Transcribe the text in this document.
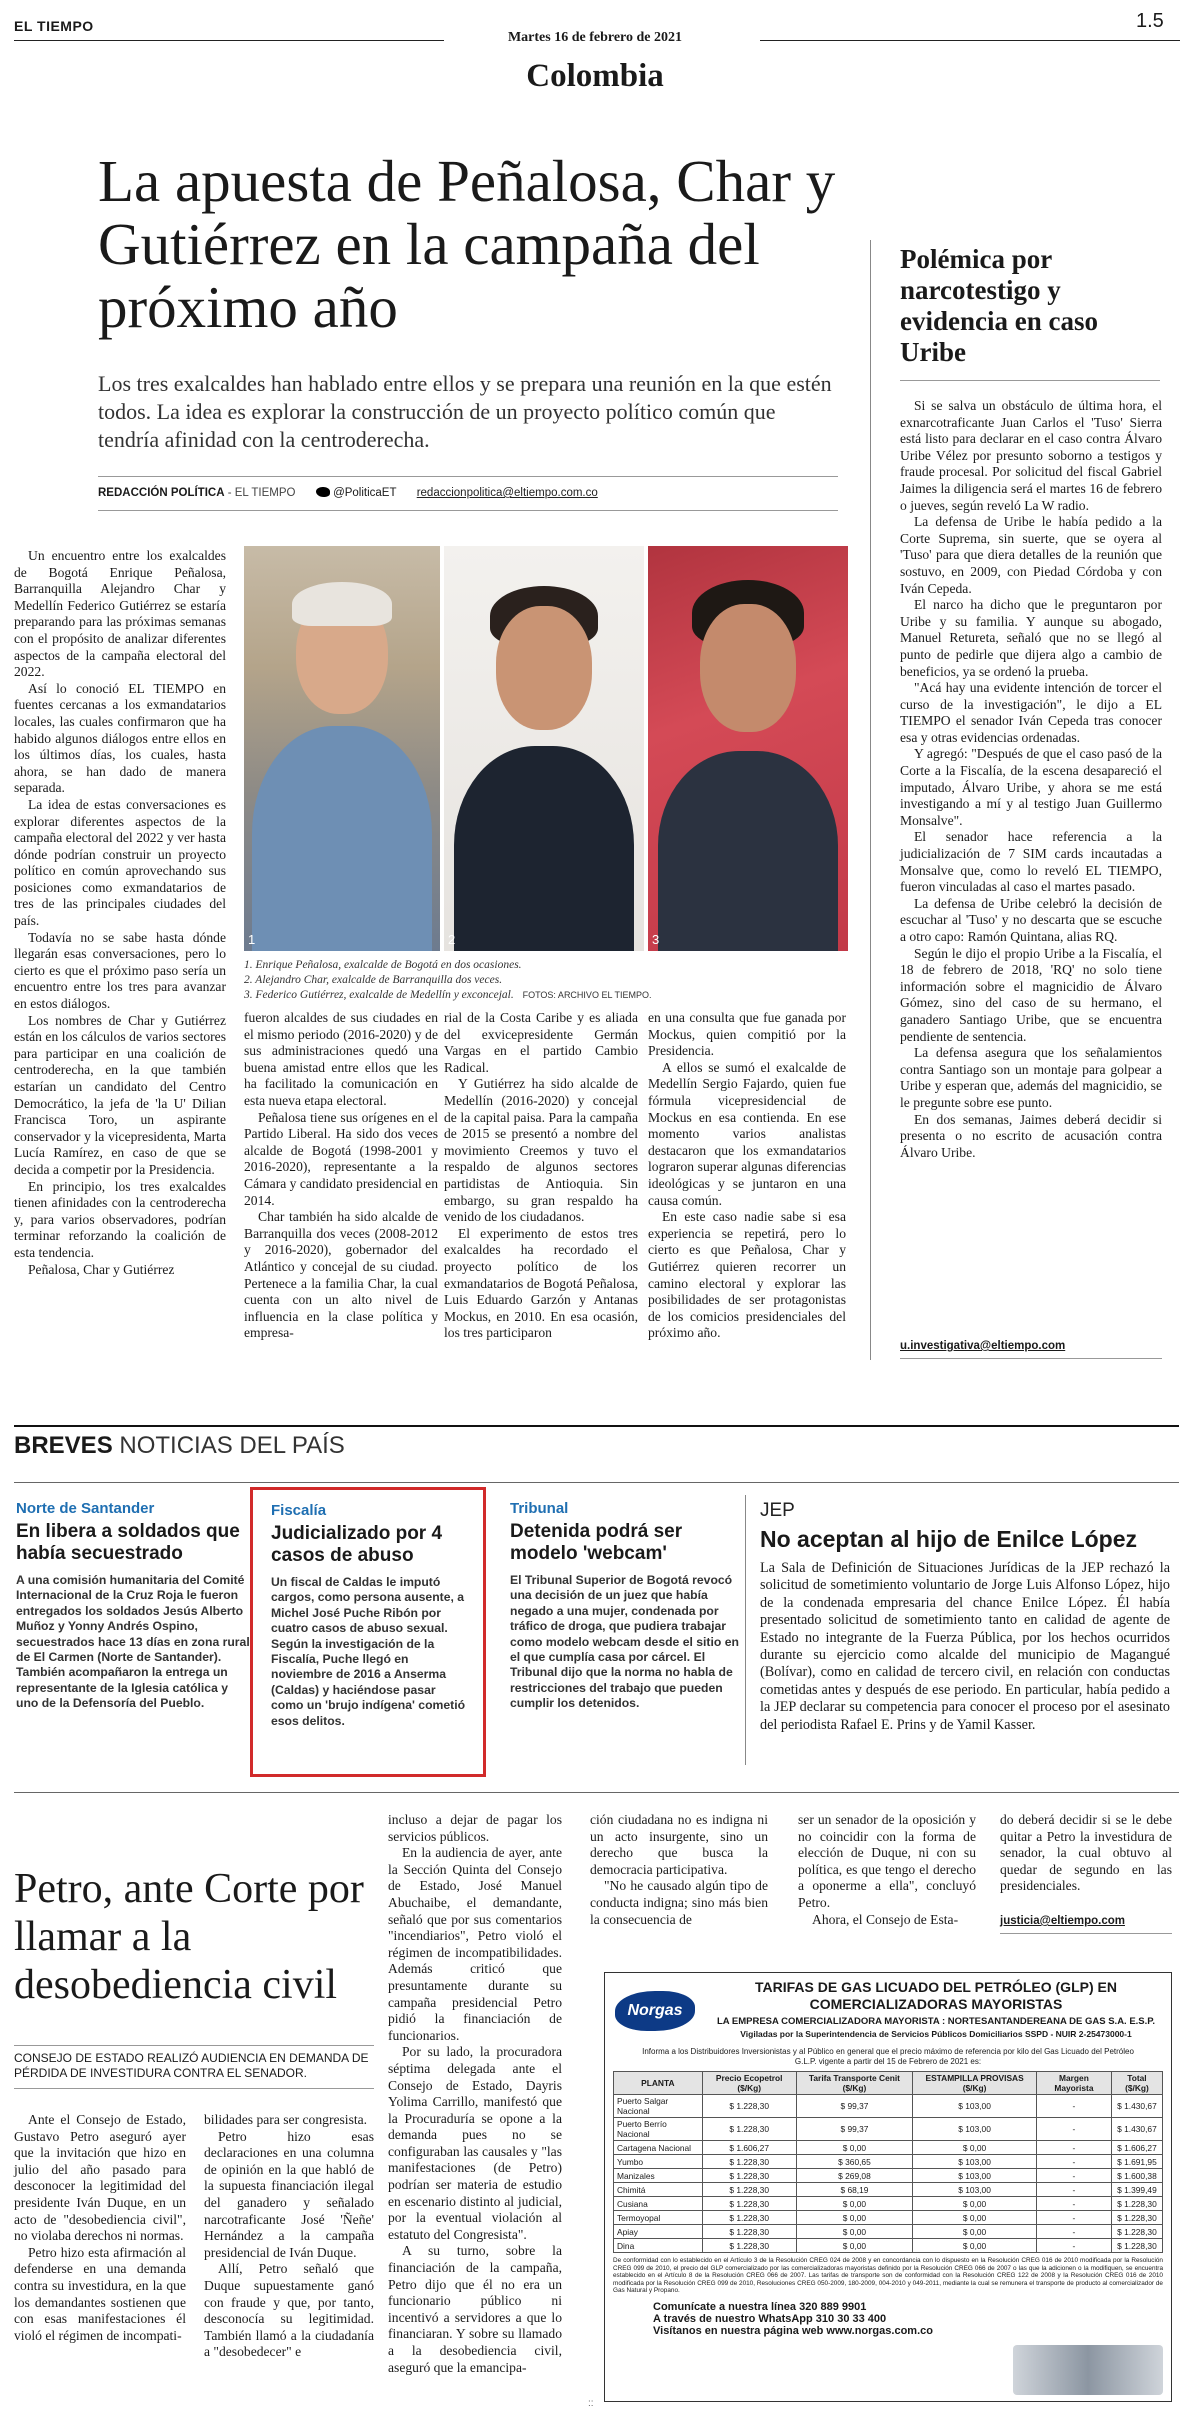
EL TIEMPO
Martes 16 de febrero de 2021
1.5
Colombia
La apuesta de Peñalosa, Char y Gutiérrez en la campaña del próximo año
Los tres exalcaldes han hablado entre ellos y se prepara una reunión en la que estén todos. La idea es explorar la construcción de un proyecto político común que tendría afinidad con la centroderecha.
REDACCIÓN POLÍTICA - EL TIEMPO	@PoliticaET redaccionpolitica@eltiempo.com.co
1	2	3
1. Enrique Peñalosa, exalcalde de Bogotá en dos ocasiones.
2. Alejandro Char, exalcalde de Barranquilla dos veces.
3. Federico Gutiérrez, exalcalde de Medellín y exconcejal. FOTOS: ARCHIVO EL TIEMPO.

Un encuentro entre los exalcaldes de Bogotá Enrique Peñalosa, Barranquilla Alejandro Char y Medellín Federico Gutiérrez se estaría preparando para las próximas semanas con el propósito de analizar diferentes aspectos de la campaña electoral del 2022.

Así lo conoció EL TIEMPO en fuentes cercanas a los exmandatarios locales, las cuales confirmaron que ha habido algunos diálogos entre ellos en los últimos días, los cuales, hasta ahora, se han dado de manera separada.

La idea de estas conversaciones es explorar diferentes aspectos de la campaña electoral del 2022 y ver hasta dónde podrían construir un proyecto político en común aprovechando sus posiciones como exmandatarios de tres de las principales ciudades del país.

Todavía no se sabe hasta dónde llegarán esas conversaciones, pero lo cierto es que el próximo paso sería un encuentro entre los tres para avanzar en estos diálogos.

Los nombres de Char y Gutiérrez están en los cálculos de varios sectores para participar en una coalición de centroderecha, en la que también estarían un candidato del Centro Democrático, la jefa de 'la U' Dilian Francisca Toro, un aspirante conservador y la vicepresidenta, Marta Lucía Ramírez, en caso de que se decida a competir por la Presidencia.

En principio, los tres exalcaldes tienen afinidades con la centroderecha y, para varios observadores, podrían terminar reforzando la coalición de esta tendencia.

Peñalosa, Char y Gutiérrez

fueron alcaldes de sus ciudades en el mismo periodo (2016-2020) y de sus administraciones quedó una buena amistad entre ellos que les ha facilitado la comunicación en esta nueva etapa electoral.

Peñalosa tiene sus orígenes en el Partido Liberal. Ha sido dos veces alcalde de Bogotá (1998-2001 y 2016-2020), representante a la Cámara y candidato presidencial en 2014.

Char también ha sido alcalde de Barranquilla dos veces (2008-2012 y 2016-2020), gobernador del Atlántico y concejal de su ciudad. Pertenece a la familia Char, la cual cuenta con un alto nivel de influencia en la clase política y empresa-

rial de la Costa Caribe y es aliada del exvicepresidente Germán Vargas en el partido Cambio Radical.

Y Gutiérrez ha sido alcalde de Medellín (2016-2020) y concejal de la capital paisa. Para la campaña de 2015 se presentó a nombre del movimiento Creemos y tuvo el respaldo de algunos sectores partidistas de Antioquia. Sin embargo, su gran respaldo ha venido de los ciudadanos.

El experimento de estos tres exalcaldes ha recordado el proyecto político de los exmandatarios de Bogotá Peñalosa, Luis Eduardo Garzón y Antanas Mockus, en 2010. En esa ocasión, los tres participaron

en una consulta que fue ganada por Mockus, quien compitió por la Presidencia.

A ellos se sumó el exalcalde de Medellín Sergio Fajardo, quien fue fórmula vicepresidencial de Mockus en esa contienda. En ese momento varios analistas destacaron que los exmandatarios lograron superar algunas diferencias ideológicas y se juntaron en una causa común.

En este caso nadie sabe si esa experiencia se repetirá, pero lo cierto es que Peñalosa, Char y Gutiérrez quieren recorrer un camino electoral y explorar las posibilidades de ser protagonistas de los comicios presidenciales del próximo año.

Polémica por narcotestigo y evidencia en caso Uribe

Si se salva un obstáculo de última hora, el exnarcotraficante Juan Carlos el 'Tuso' Sierra está listo para declarar en el caso contra Álvaro Uribe Vélez por presunto soborno a testigos y fraude procesal. Por solicitud del fiscal Gabriel Jaimes la diligencia será el martes 16 de febrero o jueves, según reveló La W radio.

La defensa de Uribe le había pedido a la Corte Suprema, sin suerte, que se oyera al 'Tuso' para que diera detalles de la reunión que sostuvo, en 2009, con Piedad Córdoba y con Iván Cepeda.

El narco ha dicho que le preguntaron por Uribe y su familia. Y aunque su abogado, Manuel Retureta, señaló que no se llegó al punto de pedirle que dijera algo a cambio de beneficios, ya se ordenó la prueba.

"Acá hay una evidente intención de torcer el curso de la investigación", le dijo a EL TIEMPO el senador Iván Cepeda tras conocer esa y otras evidencias ordenadas.

Y agregó: "Después de que el caso pasó de la Corte a la Fiscalía, de la escena desapareció el imputado, Álvaro Uribe, y ahora se me está investigando a mí y al testigo Juan Guillermo Monsalve".

El senador hace referencia a la judicialización de 7 SIM cards incautadas a Monsalve que, como lo reveló EL TIEMPO, fueron vinculadas al caso el martes pasado.

La defensa de Uribe celebró la decisión de escuchar al 'Tuso' y no descarta que se escuche a otro capo: Ramón Quintana, alias RQ.

Según le dijo el propio Uribe a la Fiscalía, el 18 de febrero de 2018, 'RQ' no solo tiene información sobre el magnicidio de Álvaro Gómez, sino del caso de su hermano, el ganadero Santiago Uribe, que se encuentra pendiente de sentencia.

La defensa asegura que los señalamientos contra Santiago son un montaje para golpear a Uribe y esperan que, además del magnicidio, se le pregunte sobre ese punto.

En dos semanas, Jaimes deberá decidir si presenta o no escrito de acusación contra Álvaro Uribe.

u.investigativa@eltiempo.com
BREVES NOTICIAS DEL PAÍS
Norte de Santander
En libera a soldados que había secuestrado
A una comisión humanitaria del Comité Internacional de la Cruz Roja le fueron entregados los soldados Jesús Alberto Muñoz y Yonny Andrés Ospino, secuestrados hace 13 días en zona rural de El Carmen (Norte de Santander). También acompañaron la entrega un representante de la Iglesia católica y uno de la Defensoría del Pueblo.
Fiscalía
Judicializado por 4 casos de abuso
Un fiscal de Caldas le imputó cargos, como persona ausente, a Michel José Puche Ribón por cuatro casos de abuso sexual. Según la investigación de la Fiscalía, Puche llegó en noviembre de 2016 a Anserma (Caldas) y haciéndose pasar como un 'brujo indígena' cometió esos delitos.
Tribunal
Detenida podrá ser modelo 'webcam'
El Tribunal Superior de Bogotá revocó una decisión de un juez que había negado a una mujer, condenada por tráfico de droga, que pudiera trabajar como modelo webcam desde el sitio en el que cumplía casa por cárcel. El Tribunal dijo que la norma no habla de restricciones del trabajo que pueden cumplir los detenidos.
JEP
No aceptan al hijo de Enilce López
La Sala de Definición de Situaciones Jurídicas de la JEP rechazó la solicitud de sometimiento voluntario de Jorge Luis Alfonso López, hijo de la condenada empresaria del chance Enilce López. Él había presentado solicitud de sometimiento tanto en calidad de agente de Estado no integrante de la Fuerza Pública, por los hechos ocurridos durante su ejercicio como alcalde del municipio de Magangué (Bolívar), como en calidad de tercero civil, en relación con conductas cometidas antes y después de ese periodo. En particular, había pedido a la JEP declarar su competencia para conocer el proceso por el asesinato del periodista Rafael E. Prins y de Yamil Kasser.
Petro, ante Corte por llamar a la desobediencia civil
CONSEJO DE ESTADO REALIZÓ AUDIENCIA EN DEMANDA DE PÉRDIDA DE INVESTIDURA CONTRA EL SENADOR.

Ante el Consejo de Estado, Gustavo Petro aseguró ayer que la invitación que hizo en julio del año pasado para desconocer la legitimidad del presidente Iván Duque, en un acto de "desobediencia civil", no violaba derechos ni normas.

Petro hizo esta afirmación al defenderse en una demanda contra su investidura, en la que los demandantes sostienen que con esas manifestaciones él violó el régimen de incompati-

bilidades para ser congresista.

Petro hizo esas declaraciones en una columna de opinión en la que habló de la supuesta financiación ilegal del ganadero y señalado narcotraficante José 'Ñeñe' Hernández a la campaña presidencial de Iván Duque.

Allí, Petro señaló que Duque supuestamente ganó con fraude y que, por tanto, desconocía su legitimidad. También llamó a la ciudadanía a "desobedecer" e

incluso a dejar de pagar los servicios públicos.

En la audiencia de ayer, ante la Sección Quinta del Consejo de Estado, José Manuel Abuchaibe, el demandante, señaló que por sus comentarios "incendiarios", Petro violó el régimen de incompatibilidades. Además criticó que presuntamente durante su campaña presidencial Petro pidió la financiación de funcionarios.

Por su lado, la procuradora séptima delegada ante el Consejo de Estado, Dayris Yolima Carrillo, manifestó que la Procuraduría se opone a la demanda pues no se configuraban las causales y "las manifestaciones (de Petro) podrían ser materia de estudio en escenario distinto al judicial, por la eventual violación al estatuto del Congresista".

A su turno, sobre la financiación de la campaña, Petro dijo que él no era un funcionario público ni incentivó a servidores a que lo financiaran. Y sobre su llamado a la desobediencia civil, aseguró que la emancipa-

ción ciudadana no es indigna ni un acto insurgente, sino un derecho que busca la democracia participativa.

"No he causado algún tipo de conducta indigna; sino más bien la consecuencia de

ser un senador de la oposición y no coincidir con la forma de elección de Duque, ni con su política, es que tengo el derecho a oponerme a ella", concluyó Petro.

Ahora, el Consejo de Esta-

do deberá decidir si se le debe quitar a Petro la investidura de senador, la cual obtuvo al quedar de segundo en las presidenciales.

justicia@eltiempo.com
Norgas
TARIFAS DE GAS LICUADO DEL PETRÓLEO (GLP) EN COMERCIALIZADORAS MAYORISTAS
LA EMPRESA COMERCIALIZADORA MAYORISTA : NORTESANTANDEREANA DE GAS S.A. E.S.P.
Vigiladas por la Superintendencia de Servicios Públicos Domiciliarios SSPD - NUIR 2-25473000-1
Informa a los Distribuidores Inversionistas y al Público en general que el precio máximo de referencia por kilo del Gas Licuado del Petróleo G.L.P. vigente a partir del 15 de Febrero de 2021 es:
PLANTA	Precio Ecopetrol ($/Kg)	Tarifa Transporte Cenit ($/Kg)	ESTAMPILLA PROVISAS ($/Kg)	Margen Mayorista	Total ($/Kg)
Puerto Salgar Nacional	$ 1.228,30	$ 99,37	$ 103,00	-	$ 1.430,67
Puerto Berrío Nacional	$ 1.228,30	$ 99,37	$ 103,00	-	$ 1.430,67
Cartagena Nacional	$ 1.606,27	$ 0,00	$ 0,00	-	$ 1.606,27
Yumbo	$ 1.228,30	$ 360,65	$ 103,00	-	$ 1.691,95
Manizales	$ 1.228,30	$ 269,08	$ 103,00	-	$ 1.600,38
Chimitá	$ 1.228,30	$ 68,19	$ 103,00	-	$ 1.399,49
Cusiana	$ 1.228,30	$ 0,00	$ 0,00	-	$ 1.228,30
Termoyopal	$ 1.228,30	$ 0,00	$ 0,00	-	$ 1.228,30
Apiay	$ 1.228,30	$ 0,00	$ 0,00	-	$ 1.228,30
Dina	$ 1.228,30	$ 0,00	$ 0,00	-	$ 1.228,30
De conformidad con lo establecido en el Artículo 3 de la Resolución CREG 024 de 2008 y en concordancia con lo dispuesto en la Resolución CREG 016 de 2010 modificada por la Resolución CREG 099 de 2010, el precio del GLP comercializado por las comercializadoras mayoristas definido por la Resolución CREG 066 de 2007 o las que la adicionen o la modifiquen, se encuentra establecido en el Artículo 8 de la Resolución CREG 066 de 2007. Las tarifas de transporte son de conformidad con la Resolución CREG 122 de 2008 y la Resolución CREG 016 de 2010 modificada por la Resolución CREG 099 de 2010, Resoluciones CREG 050-2009, 180-2009, 004-2010 y 049-2011, mediante la cual se remunera el transporte de producto al comercializador de Gas Natural y Propano.
Comunícate a nuestra línea 320 889 9901
A través de nuestro WhatsApp 310 30 33 400
Visítanos en nuestra página web www.norgas.com.co
::
